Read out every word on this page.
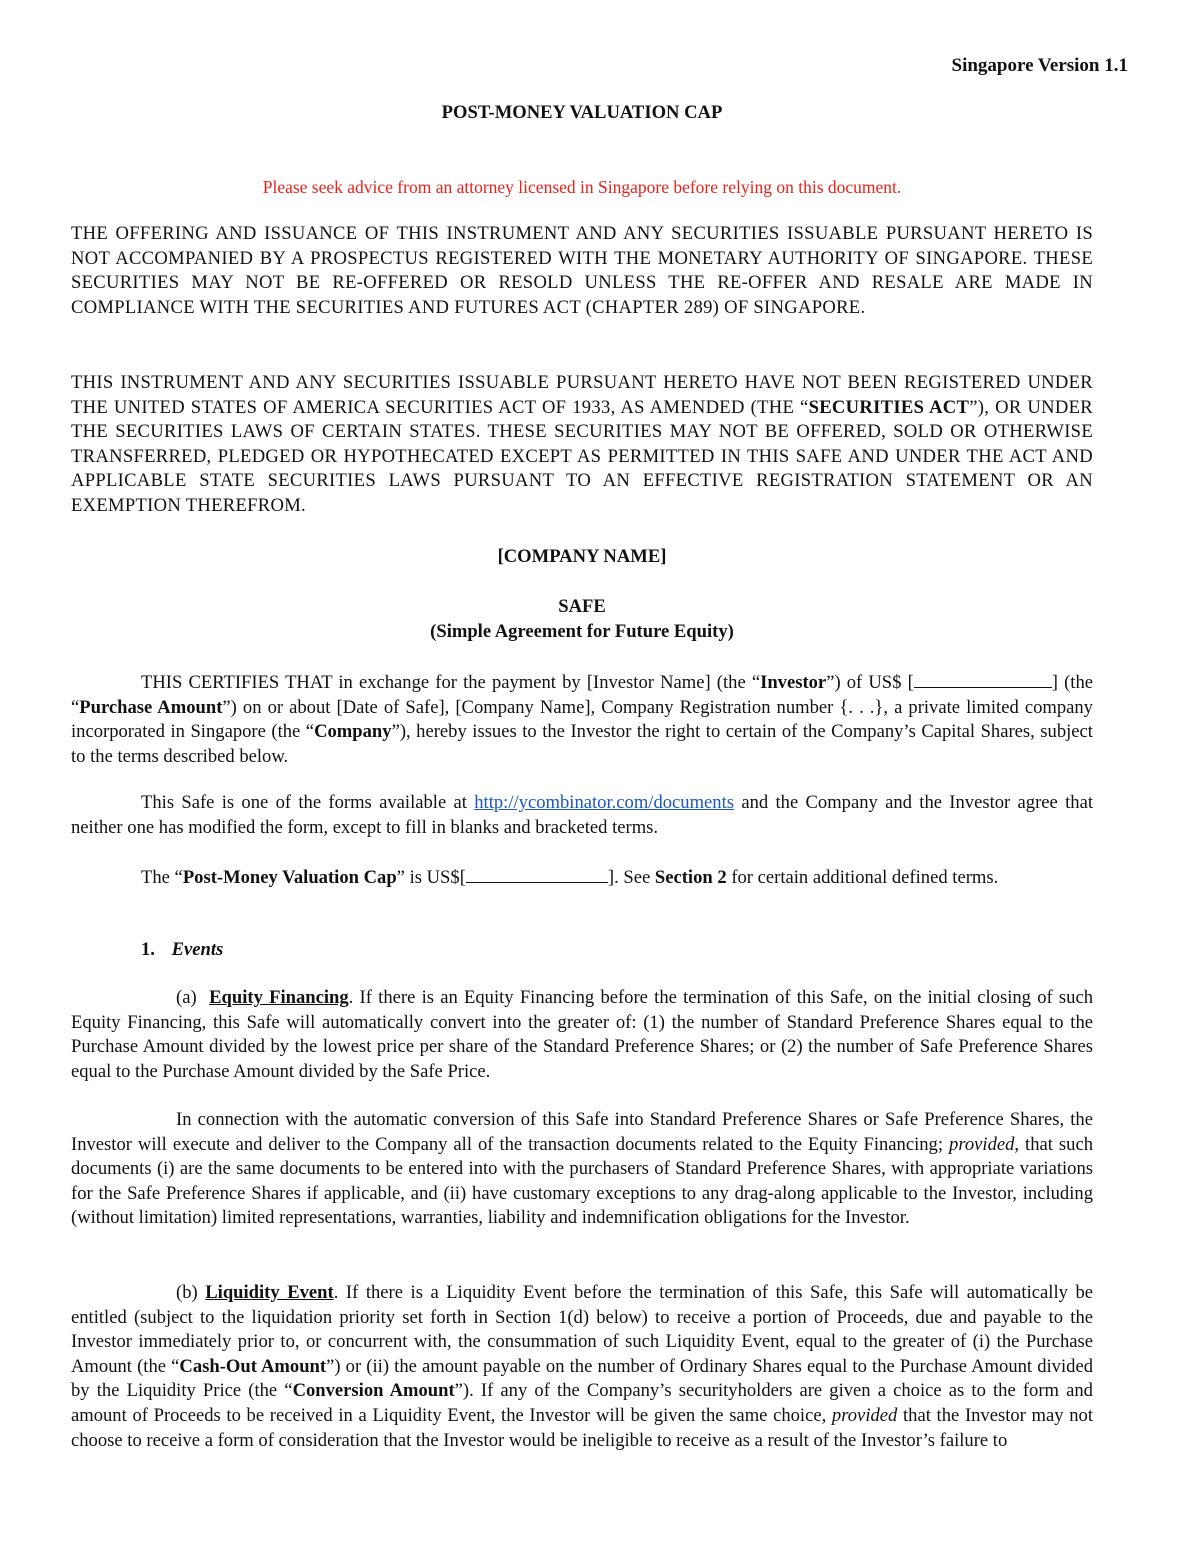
Singapore Version 1.1
POST-MONEY VALUATION CAP
Please seek advice from an attorney licensed in Singapore before relying on this document.

THE OFFERING AND ISSUANCE OF THIS INSTRUMENT AND ANY SECURITIES ISSUABLE PURSUANT HERETO IS NOT ACCOMPANIED BY A PROSPECTUS REGISTERED WITH THE MONETARY AUTHORITY OF SINGAPORE. THESE SECURITIES MAY NOT BE RE-OFFERED OR RESOLD UNLESS THE RE-OFFER AND RESALE ARE MADE IN COMPLIANCE WITH THE SECURITIES AND FUTURES ACT (CHAPTER 289) OF SINGAPORE.

THIS INSTRUMENT AND ANY SECURITIES ISSUABLE PURSUANT HERETO HAVE NOT BEEN REGISTERED UNDER THE UNITED STATES OF AMERICA SECURITIES ACT OF 1933, AS AMENDED (THE “SECURITIES ACT”), OR UNDER THE SECURITIES LAWS OF CERTAIN STATES. THESE SECURITIES MAY NOT BE OFFERED, SOLD OR OTHERWISE TRANSFERRED, PLEDGED OR HYPOTHECATED EXCEPT AS PERMITTED IN THIS SAFE AND UNDER THE ACT AND APPLICABLE STATE SECURITIES LAWS PURSUANT TO AN EFFECTIVE REGISTRATION STATEMENT OR AN EXEMPTION THEREFROM.

[COMPANY NAME]
SAFE
(Simple Agreement for Future Equity)

THIS CERTIFIES THAT in exchange for the payment by [Investor Name] (the “Investor”) of US$ [	] (the “Purchase Amount”) on or about [Date of Safe], [Company Name], Company Registration number {. . .}, a private limited company incorporated in Singapore (the “Company”), hereby issues to the Investor the right to certain of the Company’s Capital Shares, subject to the terms described below.

This Safe is one of the forms available at http://ycombinator.com/documents and the Company and the Investor agree that neither one has modified the form, except to fill in blanks and bracketed terms.

The “Post-Money Valuation Cap” is US$[	]. See Section 2 for certain additional defined terms.

1. Events

(a) Equity Financing. If there is an Equity Financing before the termination of this Safe, on the initial closing of such Equity Financing, this Safe will automatically convert into the greater of: (1) the number of Standard Preference Shares equal to the Purchase Amount divided by the lowest price per share of the Standard Preference Shares; or (2) the number of Safe Preference Shares equal to the Purchase Amount divided by the Safe Price.

In connection with the automatic conversion of this Safe into Standard Preference Shares or Safe Preference Shares, the Investor will execute and deliver to the Company all of the transaction documents related to the Equity Financing; provided, that such documents (i) are the same documents to be entered into with the purchasers of Standard Preference Shares, with appropriate variations for the Safe Preference Shares if applicable, and (ii) have customary exceptions to any drag-along applicable to the Investor, including (without limitation) limited representations, warranties, liability and indemnification obligations for the Investor.

(b) Liquidity Event. If there is a Liquidity Event before the termination of this Safe, this Safe will automatically be entitled (subject to the liquidation priority set forth in Section 1(d) below) to receive a portion of Proceeds, due and payable to the Investor immediately prior to, or concurrent with, the consummation of such Liquidity Event, equal to the greater of (i) the Purchase Amount (the “Cash-Out Amount”) or (ii) the amount payable on the number of Ordinary Shares equal to the Purchase Amount divided by the Liquidity Price (the “Conversion Amount”). If any of the Company’s securityholders are given a choice as to the form and amount of Proceeds to be received in a Liquidity Event, the Investor will be given the same choice, provided that the Investor may not choose to receive a form of consideration that the Investor would be ineligible to receive as a result of the Investor’s failure to
